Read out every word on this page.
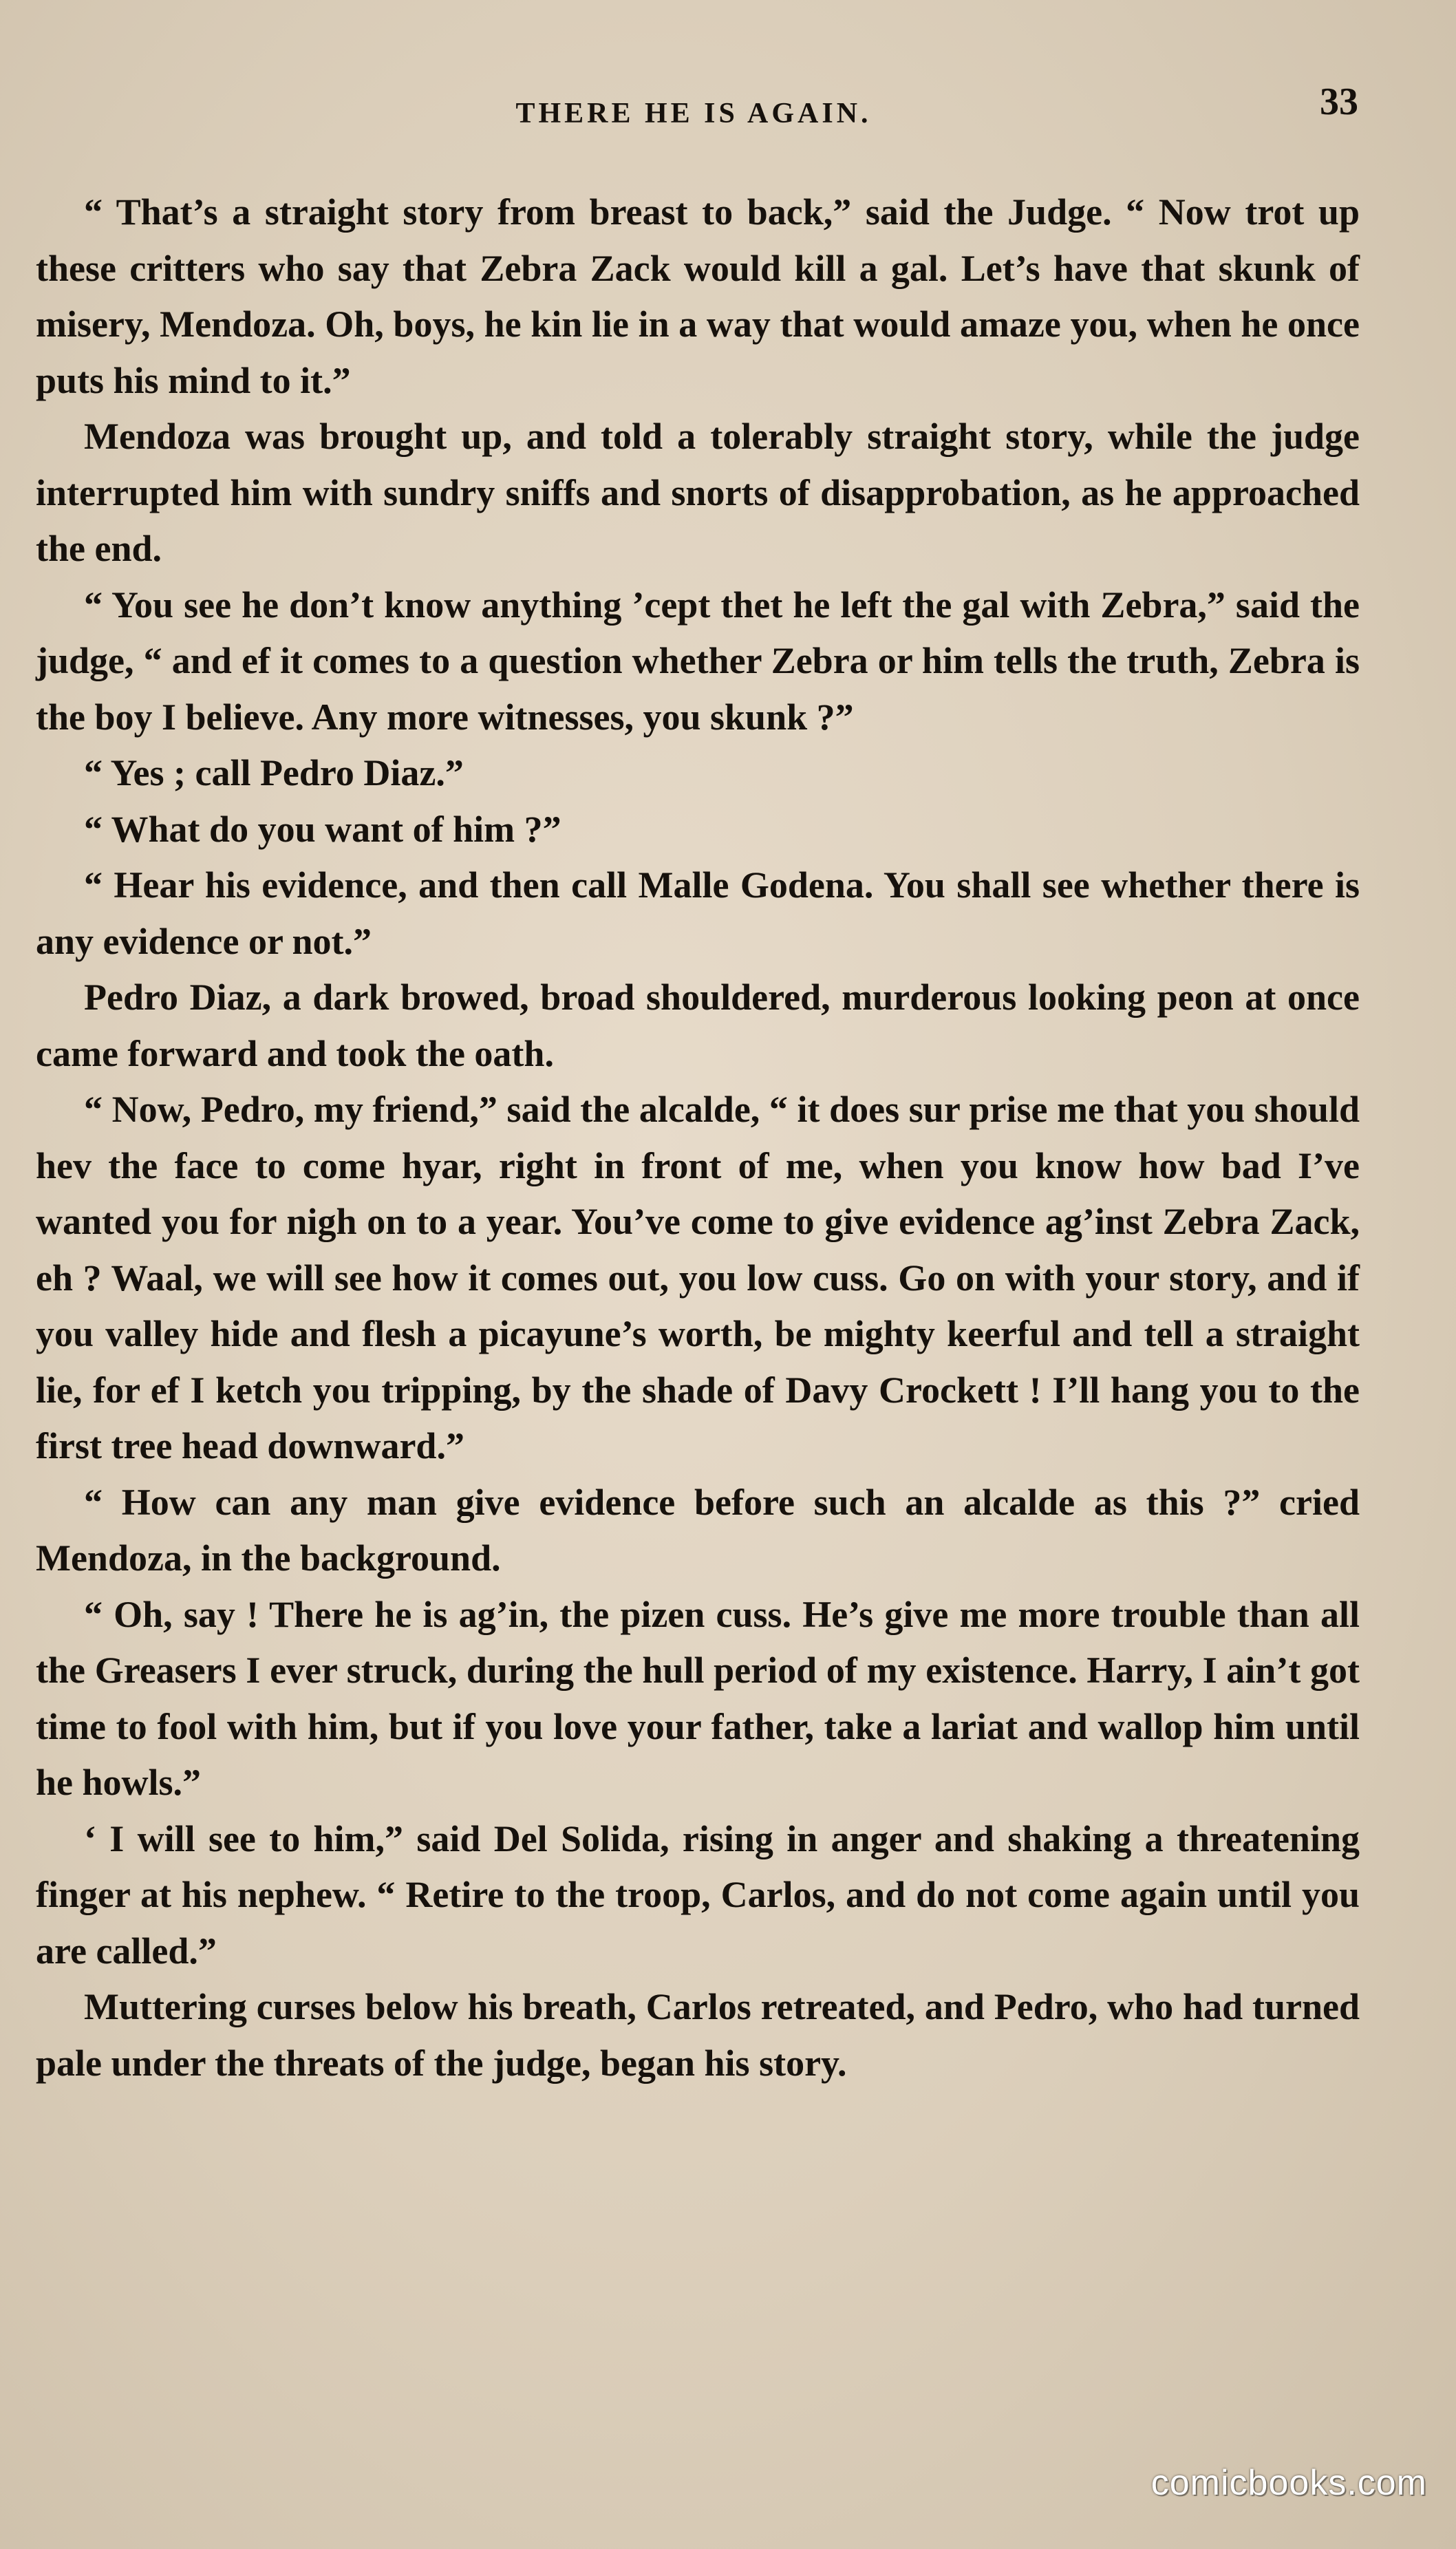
THERE HE IS AGAIN.	33

“ That’s a straight story from breast to back,” said the Judge. “ Now trot up these critters who say that Zebra Zack would kill a gal. Let’s have that skunk of misery, Mendoza. Oh, boys, he kin lie in a way that would amaze you, when he once puts his mind to it.”

Mendoza was brought up, and told a tolerably straight story, while the judge interrupted him with sundry sniffs and snorts of disapprobation, as he approached the end.

“ You see he don’t know anything ’cept thet he left the gal with Zebra,” said the judge, “ and ef it comes to a question whether Zebra or him tells the truth, Zebra is the boy I believe. Any more witnesses, you skunk ?”

“ Yes ; call Pedro Diaz.”

“ What do you want of him ?”

“ Hear his evidence, and then call Malle Godena. You shall see whether there is any evidence or not.”

Pedro Diaz, a dark browed, broad shouldered, murderous looking peon at once came forward and took the oath.

“ Now, Pedro, my friend,” said the alcalde, “ it does sur prise me that you should hev the face to come hyar, right in front of me, when you know how bad I’ve wanted you for nigh on to a year. You’ve come to give evidence ag’inst Zebra Zack, eh ? Waal, we will see how it comes out, you low cuss. Go on with your story, and if you valley hide and flesh a picayune’s worth, be mighty keerful and tell a straight lie, for ef I ketch you tripping, by the shade of Davy Crockett ! I’ll hang you to the first tree head downward.”

“ How can any man give evidence before such an alcalde as this ?” cried Mendoza, in the background.

“ Oh, say ! There he is ag’in, the pizen cuss. He’s give me more trouble than all the Greasers I ever struck, during the hull period of my existence. Harry, I ain’t got time to fool with him, but if you love your father, take a lariat and wallop him until he howls.”

‘ I will see to him,” said Del Solida, rising in anger and shaking a threatening finger at his nephew. “ Retire to the troop, Carlos, and do not come again until you are called.”

Muttering curses below his breath, Carlos retreated, and Pedro, who had turned pale under the threats of the judge, began his story.

comicbooks.com
